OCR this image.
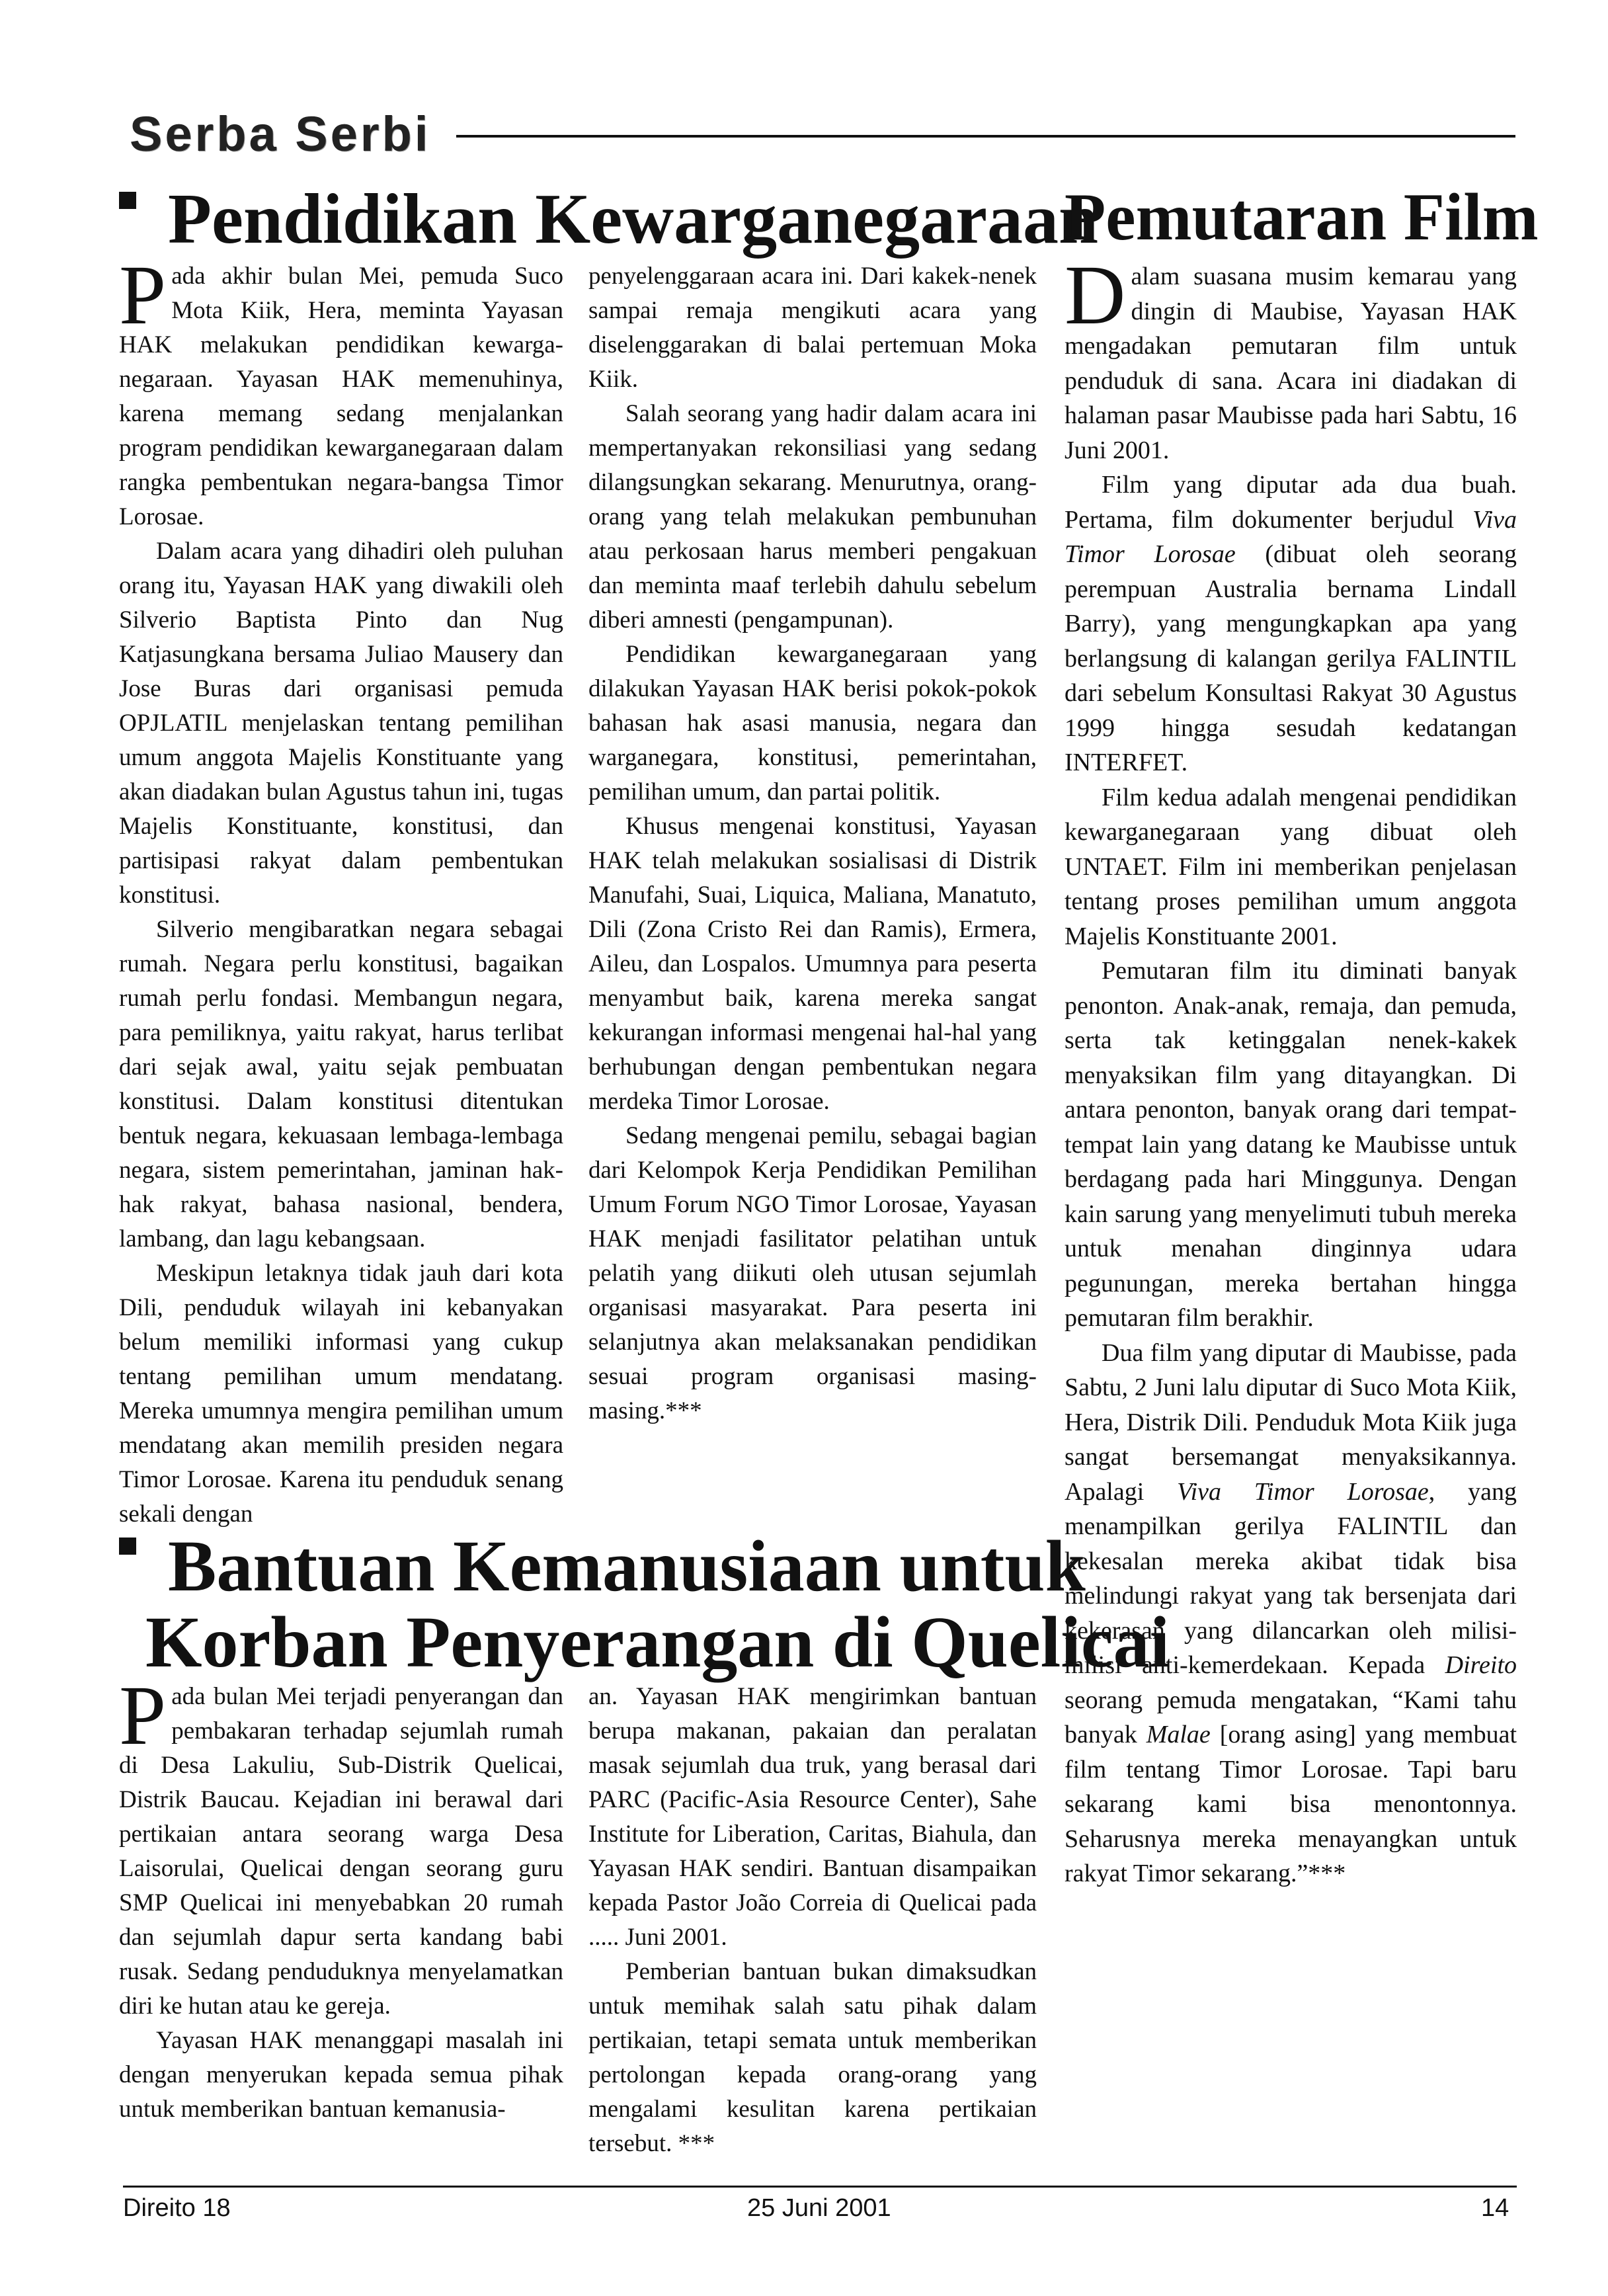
Serba Serbi
Pendidikan Kewarganegaraan

Pada akhir bulan Mei, pemuda Suco Mota Kiik, Hera, meminta Yayasan HAK melakukan pendidikan kewarga-negaraan. Yayasan HAK memenuhinya, karena memang sedang menjalankan program pendidikan kewarganegaraan dalam rangka pembentukan negara-bangsa Timor Lorosae.

Dalam acara yang dihadiri oleh puluhan orang itu, Yayasan HAK yang diwakili oleh Silverio Baptista Pinto dan Nug Katjasungkana bersama Juliao Mausery dan Jose Buras dari organisasi pemuda OPJLATIL menjelaskan tentang pemilihan umum anggota Majelis Konstituante yang akan diadakan bulan Agustus tahun ini, tugas Majelis Konstituante, konstitusi, dan partisipasi rakyat dalam pembentukan konstitusi.

Silverio mengibaratkan negara sebagai rumah. Negara perlu konstitusi, bagaikan rumah perlu fondasi. Membangun negara, para pemiliknya, yaitu rakyat, harus terlibat dari sejak awal, yaitu sejak pembuatan konstitusi. Dalam konstitusi ditentukan bentuk negara, kekuasaan lembaga-lembaga negara, sistem pemerintahan, jaminan hak-hak rakyat, bahasa nasional, bendera, lambang, dan lagu kebangsaan.

Meskipun letaknya tidak jauh dari kota Dili, penduduk wilayah ini kebanyakan belum memiliki informasi yang cukup tentang pemilihan umum mendatang. Mereka umumnya mengira pemilihan umum mendatang akan memilih presiden negara Timor Lorosae. Karena itu penduduk senang sekali dengan

penyelenggaraan acara ini. Dari kakek-nenek sampai remaja mengikuti acara yang diselenggarakan di balai pertemuan Moka Kiik.

Salah seorang yang hadir dalam acara ini mempertanyakan rekonsiliasi yang sedang dilangsungkan sekarang. Menurutnya, orang-orang yang telah melakukan pembunuhan atau perkosaan harus memberi pengakuan dan meminta maaf terlebih dahulu sebelum diberi amnesti (pengampunan).

Pendidikan kewarganegaraan yang dilakukan Yayasan HAK berisi pokok-pokok bahasan hak asasi manusia, negara dan warganegara, konstitusi, pemerintahan, pemilihan umum, dan partai politik.

Khusus mengenai konstitusi, Yayasan HAK telah melakukan sosialisasi di Distrik Manufahi, Suai, Liquica, Maliana, Manatuto, Dili (Zona Cristo Rei dan Ramis), Ermera, Aileu, dan Lospalos. Umumnya para peserta menyambut baik, karena mereka sangat kekurangan informasi mengenai hal-hal yang berhubungan dengan pembentukan negara merdeka Timor Lorosae.

Sedang mengenai pemilu, sebagai bagian dari Kelompok Kerja Pendidikan Pemilihan Umum Forum NGO Timor Lorosae, Yayasan HAK menjadi fasilitator pelatihan untuk pelatih yang diikuti oleh utusan sejumlah organisasi masyarakat. Para peserta ini selanjutnya akan melaksanakan pendidikan sesuai program organisasi masing-masing.***

Pemutaran Film

Dalam suasana musim kemarau yang dingin di Maubise, Yayasan HAK mengadakan pemutaran film untuk penduduk di sana. Acara ini diadakan di halaman pasar Maubisse pada hari Sabtu, 16 Juni 2001.

Film yang diputar ada dua buah. Pertama, film dokumenter berjudul Viva Timor Lorosae (dibuat oleh seorang perempuan Australia bernama Lindall Barry), yang mengungkapkan apa yang berlangsung di kalangan gerilya FALINTIL dari sebelum Konsultasi Rakyat 30 Agustus 1999 hingga sesudah kedatangan INTERFET.

Film kedua adalah mengenai pendidikan kewarganegaraan yang dibuat oleh UNTAET. Film ini memberikan penjelasan tentang proses pemilihan umum anggota Majelis Konstituante 2001.

Pemutaran film itu diminati banyak penonton. Anak-anak, remaja, dan pemuda, serta tak ketinggalan nenek-kakek menyaksikan film yang ditayangkan. Di antara penonton, banyak orang dari tempat-tempat lain yang datang ke Maubisse untuk berdagang pada hari Minggunya. Dengan kain sarung yang menyelimuti tubuh mereka untuk menahan dinginnya udara pegunungan, mereka bertahan hingga pemutaran film berakhir.

Dua film yang diputar di Maubisse, pada Sabtu, 2 Juni lalu diputar di Suco Mota Kiik, Hera, Distrik Dili. Penduduk Mota Kiik juga sangat bersemangat menyaksikannya. Apalagi Viva Timor Lorosae, yang menampilkan gerilya FALINTIL dan kekesalan mereka akibat tidak bisa melindungi rakyat yang tak bersenjata dari kekerasan yang dilancarkan oleh milisi-milisi anti-kemerdekaan. Kepada Direito seorang pemuda mengatakan, “Kami tahu banyak Malae [orang asing] yang membuat film tentang Timor Lorosae. Tapi baru sekarang kami bisa menontonnya. Seharusnya mereka menayangkan untuk rakyat Timor sekarang.”***

Bantuan Kemanusiaan untuk
Korban Penyerangan di Quelicai

Pada bulan Mei terjadi penyerangan dan pembakaran terhadap sejumlah rumah di Desa Lakuliu, Sub-Distrik Quelicai, Distrik Baucau. Kejadian ini berawal dari pertikaian antara seorang warga Desa Laisorulai, Quelicai dengan seorang guru SMP Quelicai ini menyebabkan 20 rumah dan sejumlah dapur serta kandang babi rusak. Sedang penduduknya menyelamatkan diri ke hutan atau ke gereja.

Yayasan HAK menanggapi masalah ini dengan menyerukan kepada semua pihak untuk memberikan bantuan kemanusia-

an. Yayasan HAK mengirimkan bantuan berupa makanan, pakaian dan peralatan masak sejumlah dua truk, yang berasal dari PARC (Pacific-Asia Resource Center), Sahe Institute for Liberation, Caritas, Biahula, dan Yayasan HAK sendiri. Bantuan disampaikan kepada Pastor João Correia di Quelicai pada ..... Juni 2001.

Pemberian bantuan bukan dimaksudkan untuk memihak salah satu pihak dalam pertikaian, tetapi semata untuk memberikan pertolongan kepada orang-orang yang mengalami kesulitan karena pertikaian tersebut. ***

Direito 18	25 Juni 2001	14
